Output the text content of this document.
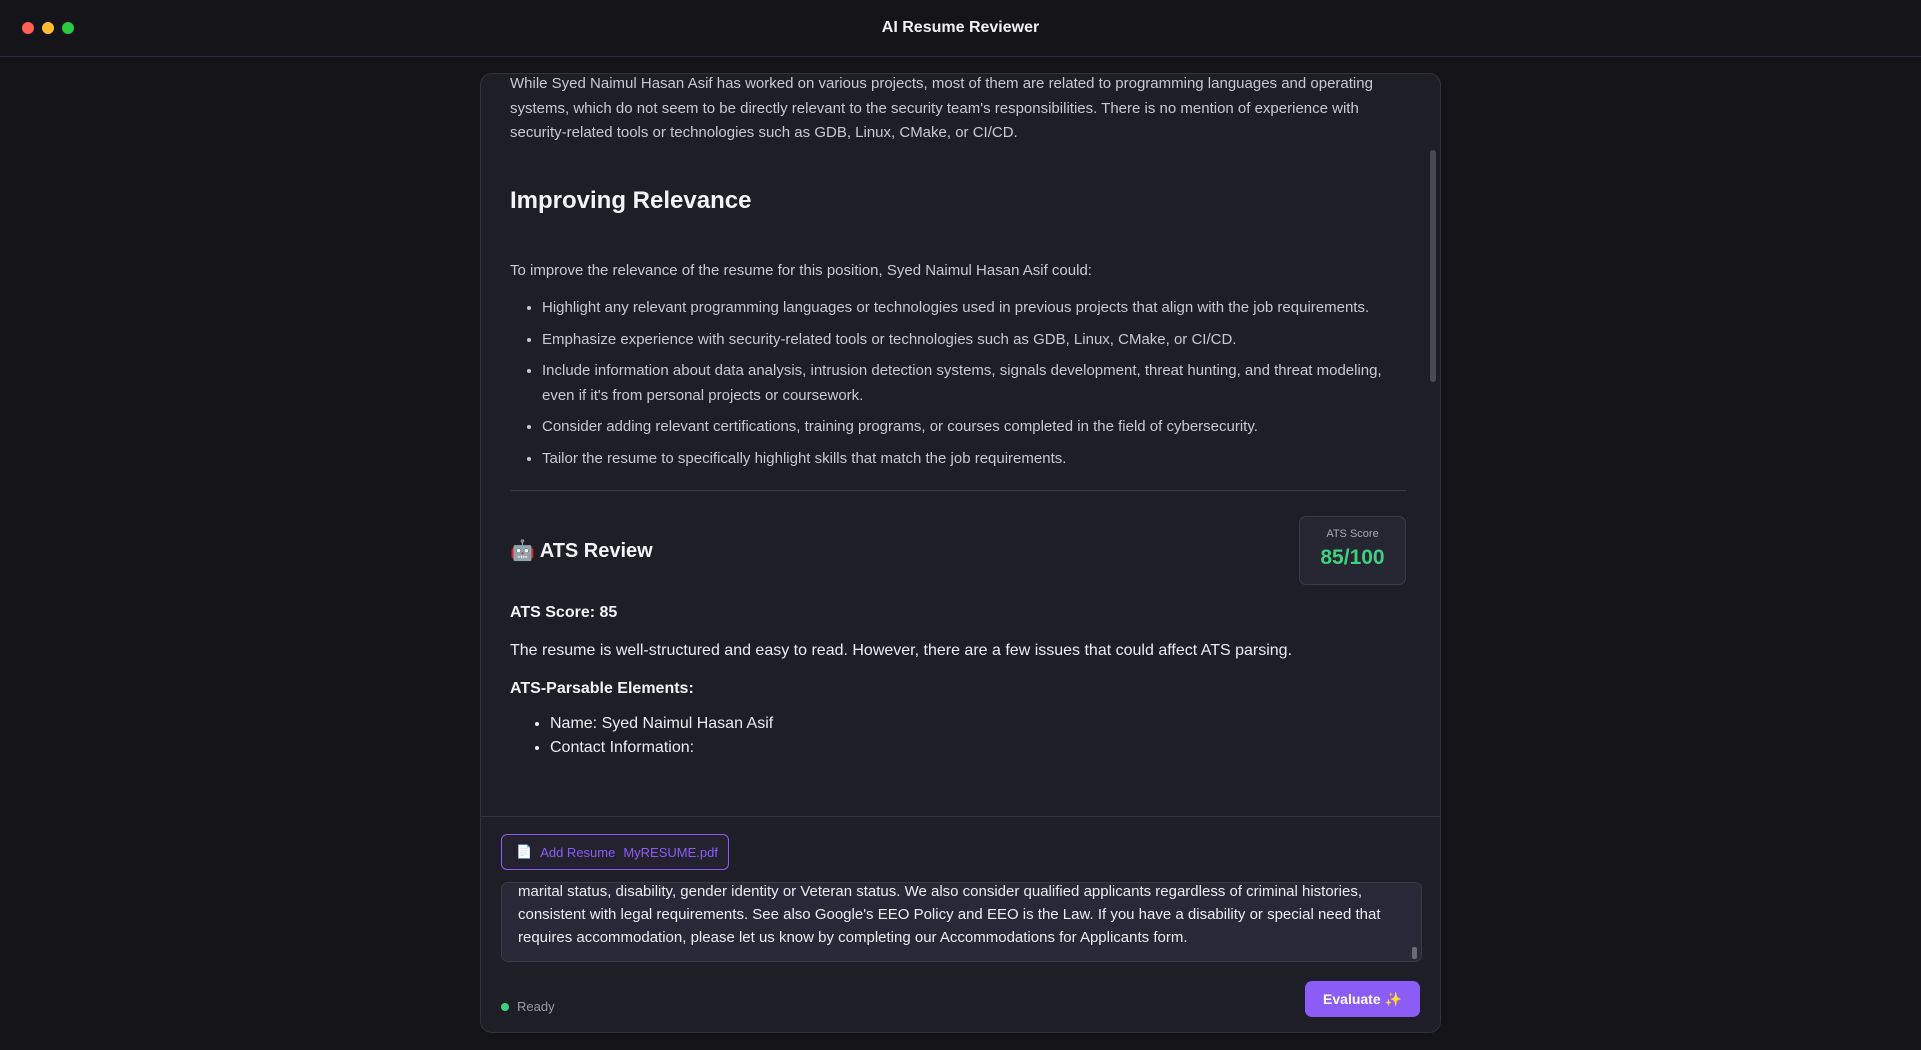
AI Resume Reviewer

While Syed Naimul Hasan Asif has worked on various projects, most of them are related to programming languages and operating systems, which do not seem to be directly relevant to the security team's responsibilities. There is no mention of experience with security-related tools or technologies such as GDB, Linux, CMake, or CI/CD.

Improving Relevance

To improve the relevance of the resume for this position, Syed Naimul Hasan Asif could:

• Highlight any relevant programming languages or technologies used in previous projects that align with the job requirements.
• Emphasize experience with security-related tools or technologies such as GDB, Linux, CMake, or CI/CD.
• Include information about data analysis, intrusion detection systems, signals development, threat hunting, and threat modeling, even if it's from personal projects or coursework.
• Consider adding relevant certifications, training programs, or courses completed in the field of cybersecurity.
• Tailor the resume to specifically highlight skills that match the job requirements.
🤖 ATS Review
ATS Score
85/100
ATS Score: 85
The resume is well-structured and easy to read. However, there are a few issues that could affect ATS parsing.
ATS-Parsable Elements:
• Name: Syed Naimul Hasan Asif
• Contact Information:
📄 Add Resume MyRESUME.pdf
marital status, disability, gender identity or Veteran status. We also consider qualified applicants regardless of criminal histories, consistent with legal requirements. See also Google's EEO Policy and EEO is the Law. If you have a disability or special need that requires accommodation, please let us know by completing our Accommodations for Applicants form.
Ready	Evaluate ✨
